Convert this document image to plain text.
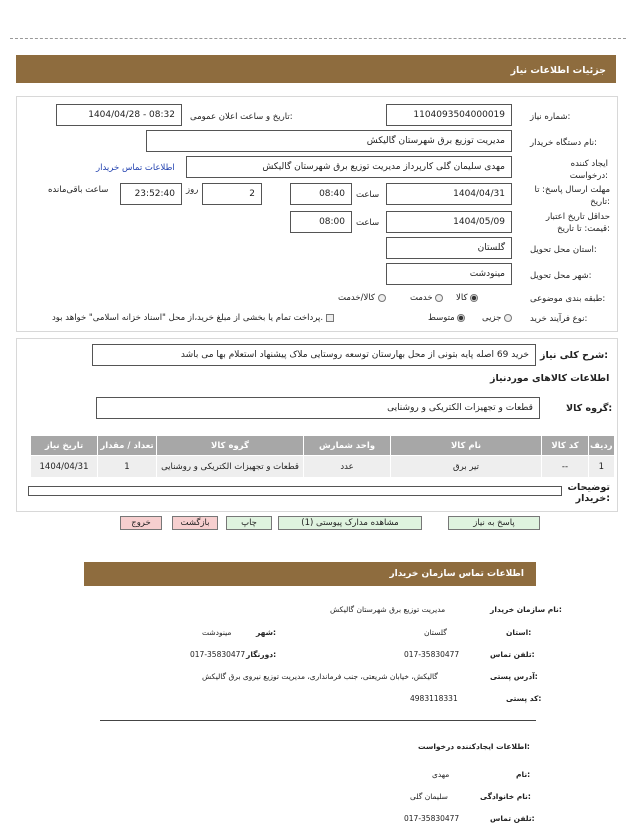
جزئیات اطلاعات نیاز
شماره نیاز:
1104093504000019
تاریخ و ساعت اعلان عمومی:
1404/04/28 - 08:32
نام دستگاه خریدار:
مدیریت توزیع برق شهرستان گالیکش
ایجاد کننده درخواست:
مهدی سلیمان گلی کارپرداز مدیریت توزیع برق شهرستان گالیکش
اطلاعات تماس خریدار
مهلت ارسال پاسخ: تا تاریخ:
1404/04/31
ساعت
08:40
2
روز
23:52:40
ساعت باقی‌مانده
حداقل تاریخ اعتبار قیمت: تا تاریخ:
1404/05/09
ساعت
08:00
استان محل تحویل:
گلستان
شهر محل تحویل:
مینودشت
طبقه بندی موضوعی:
کالا
خدمت
کالا/خدمت
نوع فرآیند خرید:
جزیی
متوسط
پرداخت تمام یا بخشی از مبلغ خرید،از محل "اسناد خزانه اسلامی" خواهد بود.
شرح کلی نیاز:
خرید 69 اصله پایه بتونی از محل بهارستان توسعه روستایی ملاک پیشنهاد استعلام بها می باشد
اطلاعات کالاهای موردنیاز
گروه کالا:
قطعات و تجهیزات الکتریکی و روشنایی
تاریخ نیاز	تعداد / مقدار	گروه کالا	واحد شمارش	نام کالا	کد کالا	ردیف
1404/04/31	1	قطعات و تجهیزات الکتریکی و روشنایی	عدد	تیر برق	--	1
توضیحات خریدار:
پاسخ به نیاز
مشاهده مدارک پیوستی (1)
چاپ
بازگشت
خروج
اطلاعات تماس سازمان خریدار
نام سازمان خریدار:
مدیریت توزیع برق شهرستان گالیکش
استان:
گلستان
شهر:
مینودشت
تلفن تماس:
017-35830477
دورنگار:
017-35830477
آدرس پستی:
گالیکش، خیابان شریعتی، جنب فرمانداری، مدیریت توزیع نیروی برق گالیکش
کد پستی:
4983118331
اطلاعات ایجادکننده درخواست:
نام:
مهدی
نام خانوادگی:
سلیمان گلی
تلفن تماس:
017-35830477
